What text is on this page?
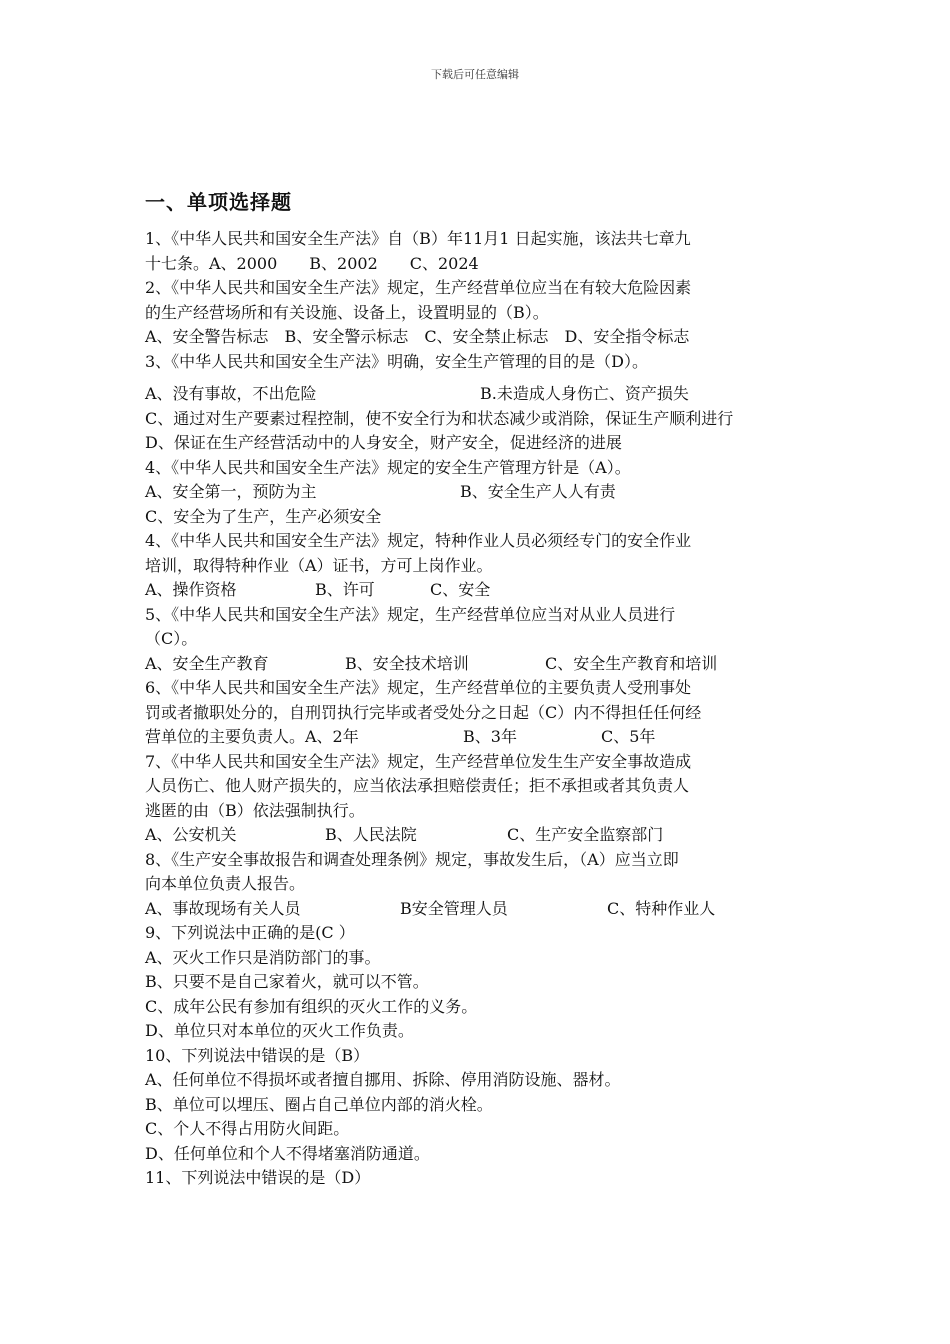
下载后可任意编辑
一、单项选择题
1、《中华人民共和国安全生产法》自（B）年11月1 日起实施，该法共七章九
十七条。A、2000　　B、2002　　C、2024
2、《中华人民共和国安全生产法》规定，生产经营单位应当在有较大危险因素
的生产经营场所和有关设施、设备上，设置明显的（B）。
A、安全警告标志　B、安全警示标志　C、安全禁止标志　D、安全指令标志
3、《中华人民共和国安全生产法》明确，安全生产管理的目的是（D）。
A、没有事故，不出危险	B.未造成人身伤亡、资产损失
C、通过对生产要素过程控制，使不安全行为和状态减少或消除，保证生产顺利进行
D、保证在生产经营活动中的人身安全，财产安全，促进经济的进展
4、《中华人民共和国安全生产法》规定的安全生产管理方针是（A）。
A、安全第一，预防为主	B、安全生产人人有责
C、安全为了生产，生产必须安全
4、《中华人民共和国安全生产法》规定，特种作业人员必须经专门的安全作业
培训，取得特种作业（A）证书，方可上岗作业。
A、操作资格	B、许可	C、安全
5、《中华人民共和国安全生产法》规定，生产经营单位应当对从业人员进行
（C）。
A、安全生产教育	B、安全技术培训	C、安全生产教育和培训
6、《中华人民共和国安全生产法》规定，生产经营单位的主要负责人受刑事处
罚或者撤职处分的，自刑罚执行完毕或者受处分之日起（C）内不得担任任何经
营单位的主要负责人。A、2年	B、3年	C、5年
7、《中华人民共和国安全生产法》规定，生产经营单位发生生产安全事故造成
人员伤亡、他人财产损失的，应当依法承担赔偿责任；拒不承担或者其负责人
逃匿的由（B）依法强制执行。
A、公安机关	B、人民法院	C、生产安全监察部门
8、《生产安全事故报告和调查处理条例》规定，事故发生后，（A）应当立即
向本单位负责人报告。
A、事故现场有关人员	B安全管理人员	C、特种作业人
9、下列说法中正确的是(C ）
A、灭火工作只是消防部门的事。
B、只要不是自己家着火，就可以不管。
C、成年公民有参加有组织的灭火工作的义务。
D、单位只对本单位的灭火工作负责。
10、下列说法中错误的是（B）
A、任何单位不得损坏或者擅自挪用、拆除、停用消防设施、器材。
B、单位可以埋压、圈占自己单位内部的消火栓。
C、个人不得占用防火间距。
D、任何单位和个人不得堵塞消防通道。
11、下列说法中错误的是（D）
